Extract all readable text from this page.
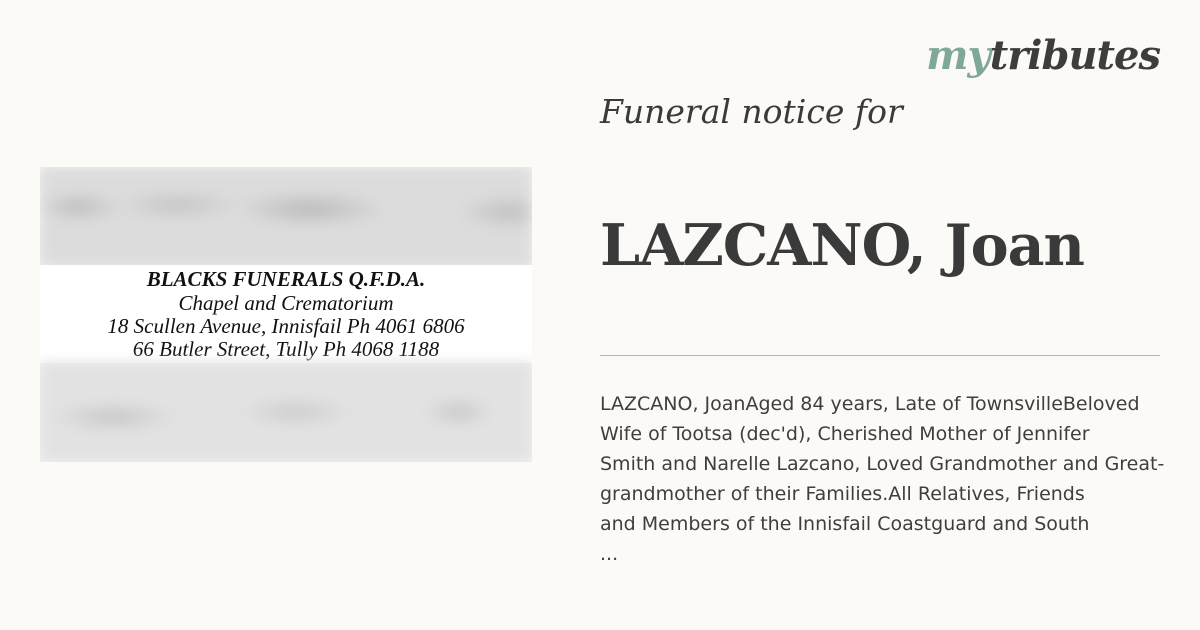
mytributes
BLACKS FUNERALS Q.F.D.A.
Chapel and Crematorium
18 Scullen Avenue, Innisfail Ph 4061 6806
66 Butler Street, Tully Ph 4068 1188
Funeral notice for
LAZCANO, Joan
LAZCANO, JoanAged 84 years, Late of TownsvilleBeloved
Wife of Tootsa (dec'd), Cherished Mother of Jennifer
Smith and Narelle Lazcano, Loved Grandmother and Great-
grandmother of their Families.All Relatives, Friends
and Members of the Innisfail Coastguard and South
...
